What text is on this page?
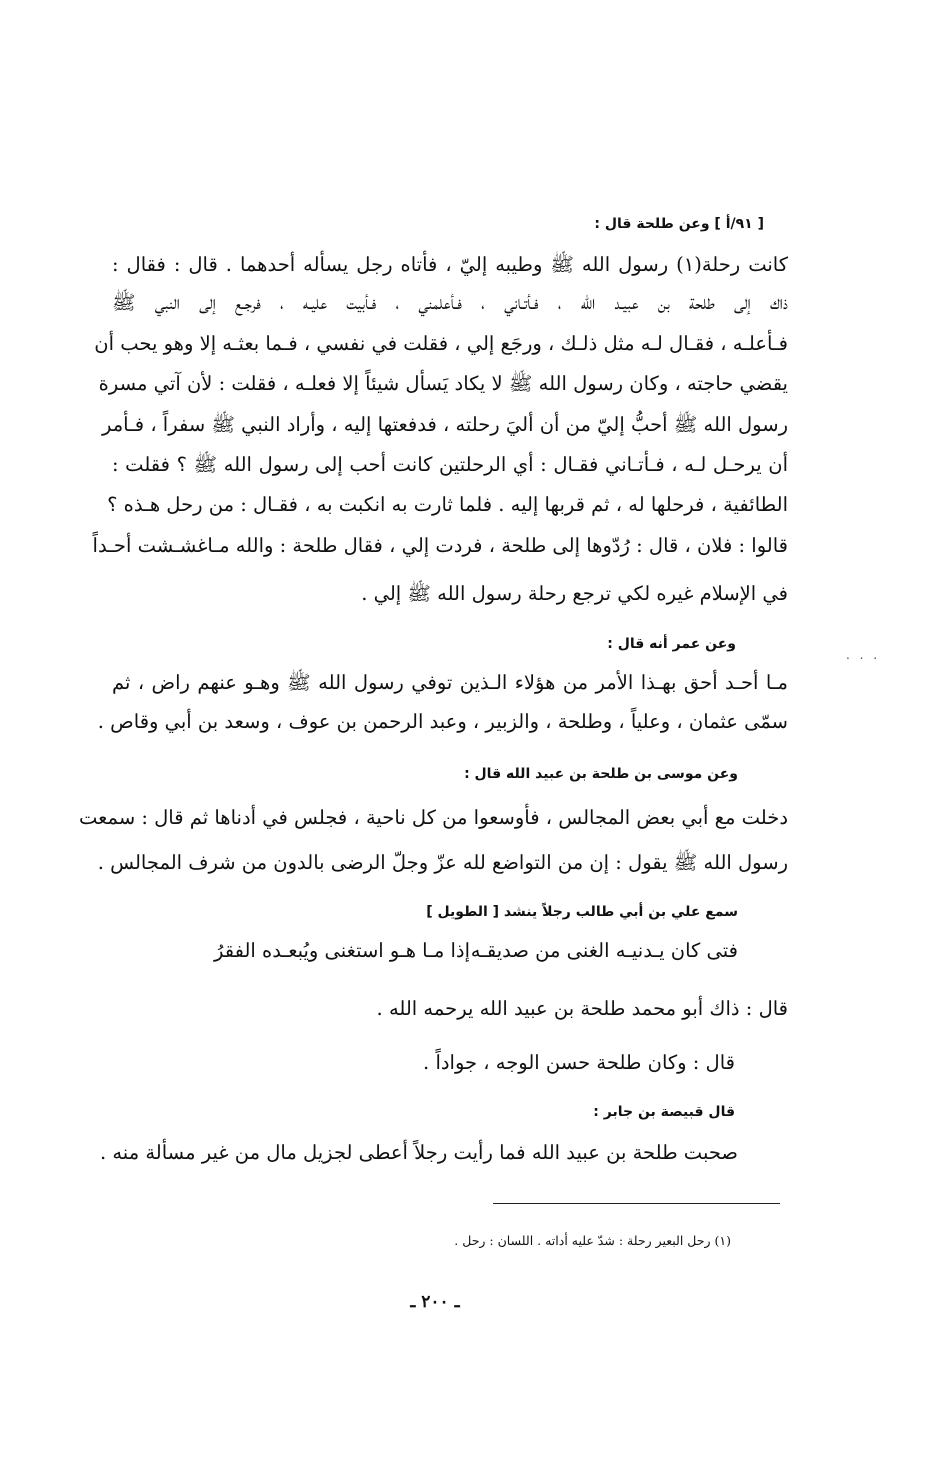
[ ٩١/أ ] وعن طلحة قال :
كانت رحلة(١) رسول الله ﷺ وطيبه إليّ ، فأتاه رجل يسأله أحدهما . قال : فقال :
ذاك إلى طلحة بن عبيـد الله ، فـأتـاني ، فـأعلمني ، فـأبيت عليـه ، فرجـع إلى النبي ﷺ
فـأعلـه ، فقـال لـه مثل ذلـك ، ورجَع إلي ، فقلت في نفسي ، فـما بعثـه إلا وهو يحب أن
يقضي حاجته ، وكان رسول الله ﷺ لا يكاد يَسأل شيئاً إلا فعلـه ، فقلت : لأن آتي مسرة
رسول الله ﷺ أحبُّ إليّ من أن أليَ رحلته ، فدفعتها إليه ، وأراد النبي ﷺ سفراً ، فـأمر
أن يرحـل لـه ، فـأتـاني فقـال : أي الرحلتين كانت أحب إلى رسول الله ﷺ ؟ فقلت :
الطائفية ، فرحلها له ، ثم قربها إليه . فلما ثارت به انكبت به ، فقـال : من رحل هـذه ؟
قالوا : فلان ، قال : رُدّوها إلى طلحة ، فردت إلي ، فقال طلحة : والله مـاغشـشت أحـداً
في الإسلام غيره لكي ترجع رحلة رسول الله ﷺ إلي .
. . .
وعن عمر أنه قال :
مـا أحـد أحق بهـذا الأمر من هؤلاء الـذين توفي رسول الله ﷺ وهـو عنهم راض ، ثم
سمّى عثمان ، وعلياً ، وطلحة ، والزبير ، وعبد الرحمن بن عوف ، وسعد بن أبي وقاص .
وعن موسى بن طلحة بن عبيد الله قال :
دخلت مع أبي بعض المجالس ، فأوسعوا من كل ناحية ، فجلس في أدناها ثم قال : سمعت
رسول الله ﷺ يقول : إن من التواضع لله عزّ وجلّ الرضى بالدون من شرف المجالس .
سمع علي بن أبي طالب رجلاً ينشد [ الطويل ]
فتى كان يـدنيـه الغنى من صديقـه
إذا مـا هـو استغنى ويُبعـده الفقرُ
قال : ذاك أبو محمد طلحة بن عبيد الله يرحمه الله .
قال : وكان طلحة حسن الوجه ، جواداً .
قال قبيصة بن جابر :
صحبت طلحة بن عبيد الله فما رأيت رجلاً أعطى لجزيل مال من غير مسألة منه .
(١) رحل البعير رحلة : شدّ عليه أداته . اللسان : رحل .
ـ ٢٠٠ ـ
